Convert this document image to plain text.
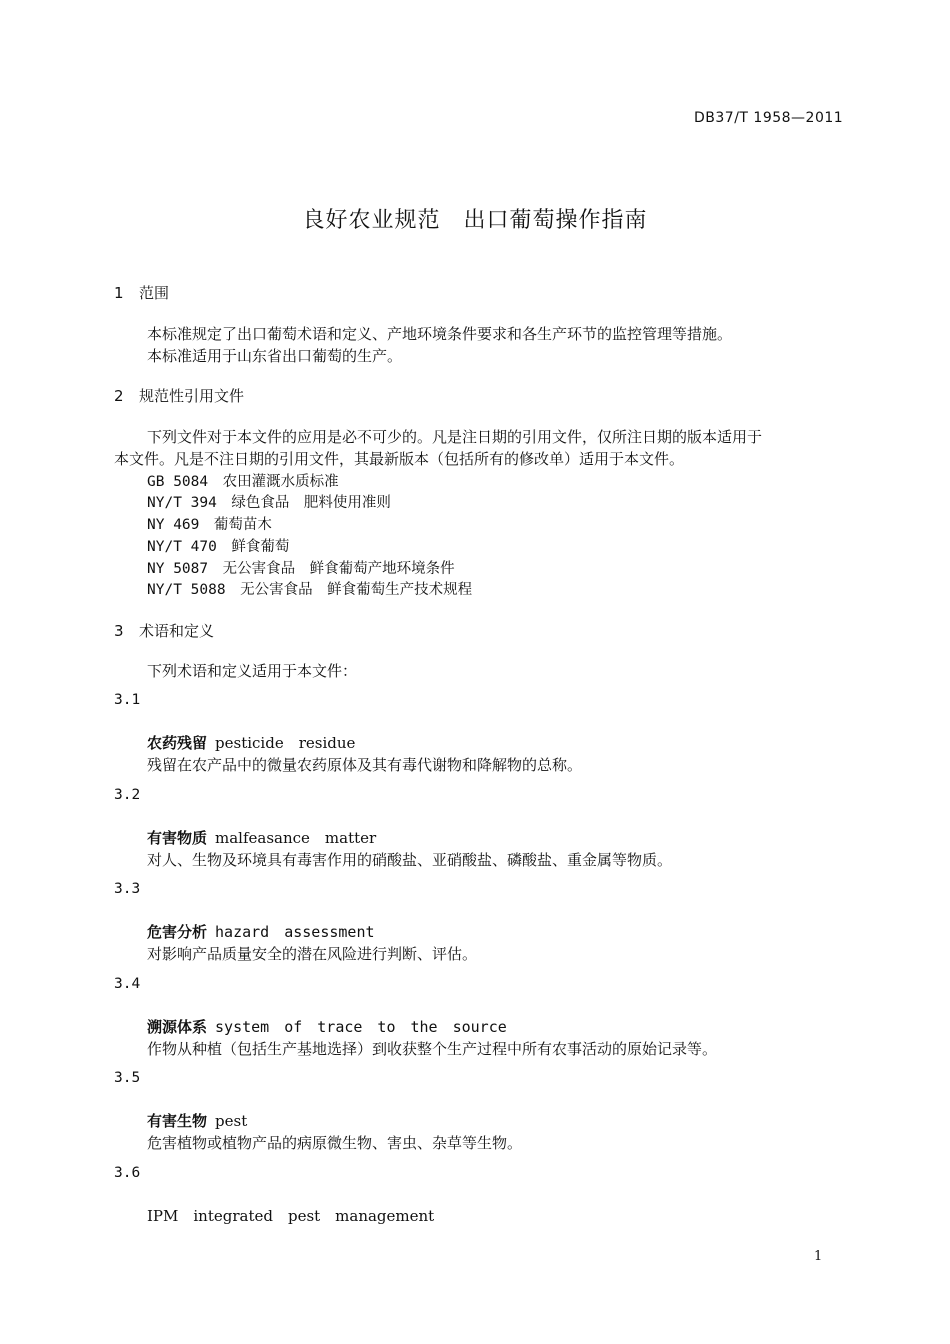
DB37/T 1958—2011
良好农业规范　出口葡萄操作指南
1 范围
本标准规定了出口葡萄术语和定义、产地环境条件要求和各生产环节的监控管理等措施。
本标准适用于山东省出口葡萄的生产。
2 规范性引用文件
下列文件对于本文件的应用是必不可少的。凡是注日期的引用文件，仅所注日期的版本适用于
本文件。凡是不注日期的引用文件，其最新版本（包括所有的修改单）适用于本文件。
GB 5084　 农田灌溉水质标准
NY/T 394　 绿色食品　肥料使用准则
NY 469　 葡萄苗木
NY/T 470　 鲜食葡萄
NY 5087　 无公害食品　鲜食葡萄产地环境条件
NY/T 5088　 无公害食品　鲜食葡萄生产技术规程
3 术语和定义
下列术语和定义适用于本文件：
3.1
农药残留 pesticide　residue
残留在农产品中的微量农药原体及其有毒代谢物和降解物的总称。
3.2
有害物质 malfeasance　matter
对人、生物及环境具有毒害作用的硝酸盐、亚硝酸盐、磷酸盐、重金属等物质。
3.3
危害分析 hazard　assessment
对影响产品质量安全的潜在风险进行判断、评估。
3.4
溯源体系 system　of　trace　to　the　source
作物从种植（包括生产基地选择）到收获整个生产过程中所有农事活动的原始记录等。
3.5
有害生物 pest
危害植物或植物产品的病原微生物、害虫、杂草等生物。
3.6
IPM　integrated　pest　management
1
